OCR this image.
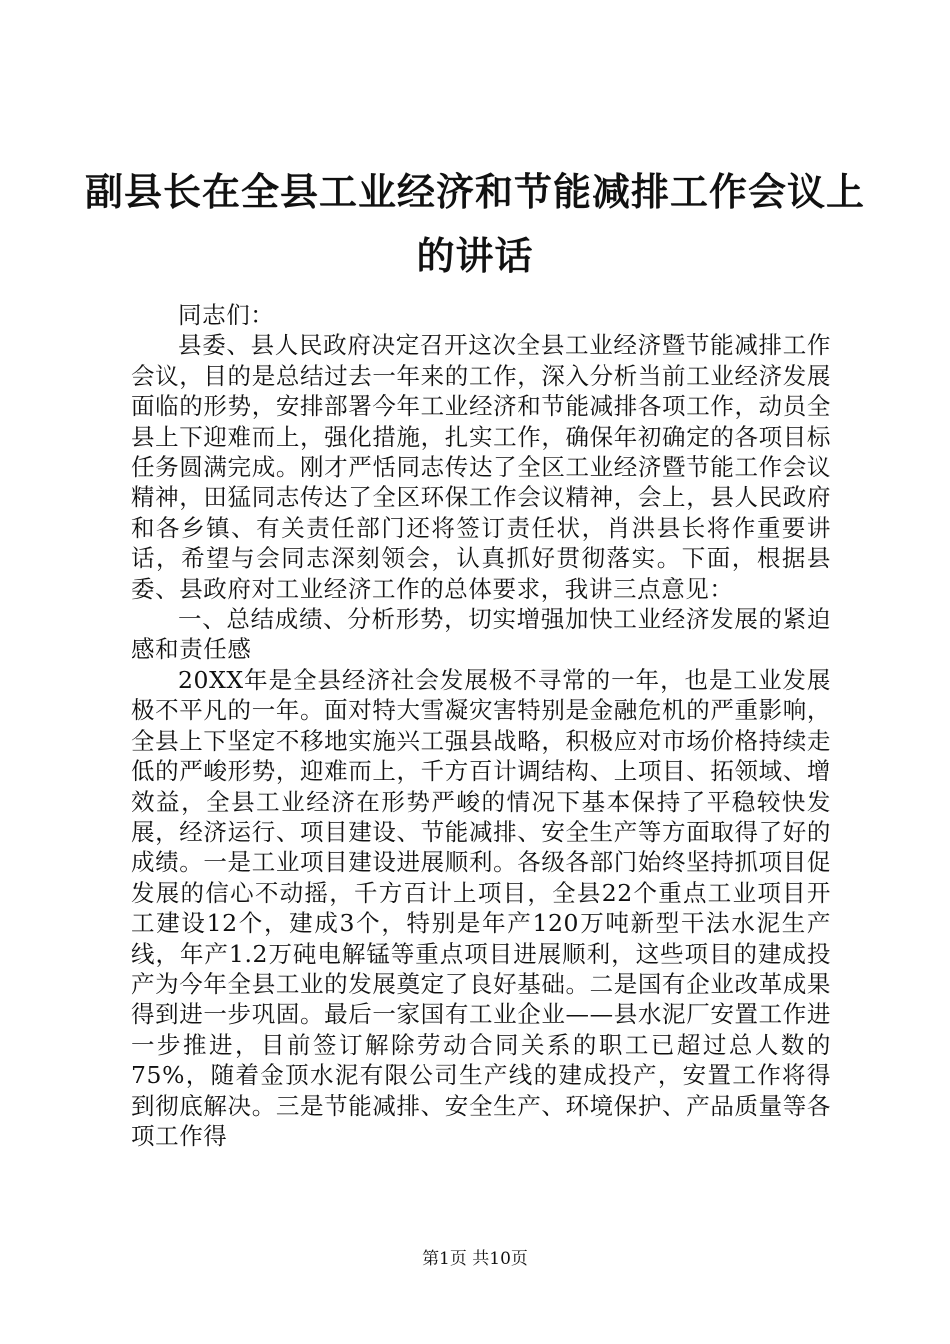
副县长在全县工业经济和节能减排工作会议上的讲话

同志们：

县委、县人民政府决定召开这次全县工业经济暨节能减排工作会议，目的是总结过去一年来的工作，深入分析当前工业经济发展面临的形势，安排部署今年工业经济和节能减排各项工作，动员全县上下迎难而上，强化措施，扎实工作，确保年初确定的各项目标任务圆满完成。刚才严恬同志传达了全区工业经济暨节能工作会议精神，田猛同志传达了全区环保工作会议精神，会上，县人民政府和各乡镇、有关责任部门还将签订责任状，肖洪县长将作重要讲话，希望与会同志深刻领会，认真抓好贯彻落实。下面，根据县委、县政府对工业经济工作的总体要求，我讲三点意见：

一、总结成绩、分析形势，切实增强加快工业经济发展的紧迫感和责任感

20XX年是全县经济社会发展极不寻常的一年，也是工业发展极不平凡的一年。面对特大雪凝灾害特别是金融危机的严重影响，全县上下坚定不移地实施兴工强县战略，积极应对市场价格持续走低的严峻形势，迎难而上，千方百计调结构、上项目、拓领域、增效益，全县工业经济在形势严峻的情况下基本保持了平稳较快发展，经济运行、项目建设、节能减排、安全生产等方面取得了好的成绩。一是工业项目建设进展顺利。各级各部门始终坚持抓项目促发展的信心不动摇，千方百计上项目，全县22个重点工业项目开工建设12个，建成3个，特别是年产120万吨新型干法水泥生产线，年产1.2万砘电解锰等重点项目进展顺利，这些项目的建成投产为今年全县工业的发展奠定了良好基础。二是国有企业改革成果得到进一步巩固。最后一家国有工业企业——县水泥厂安置工作进一步推进，目前签订解除劳动合同关系的职工已超过总人数的75%，随着金顶水泥有限公司生产线的建成投产，安置工作将得到彻底解决。三是节能减排、安全生产、环境保护、产品质量等各项工作得

第1页 共10页
